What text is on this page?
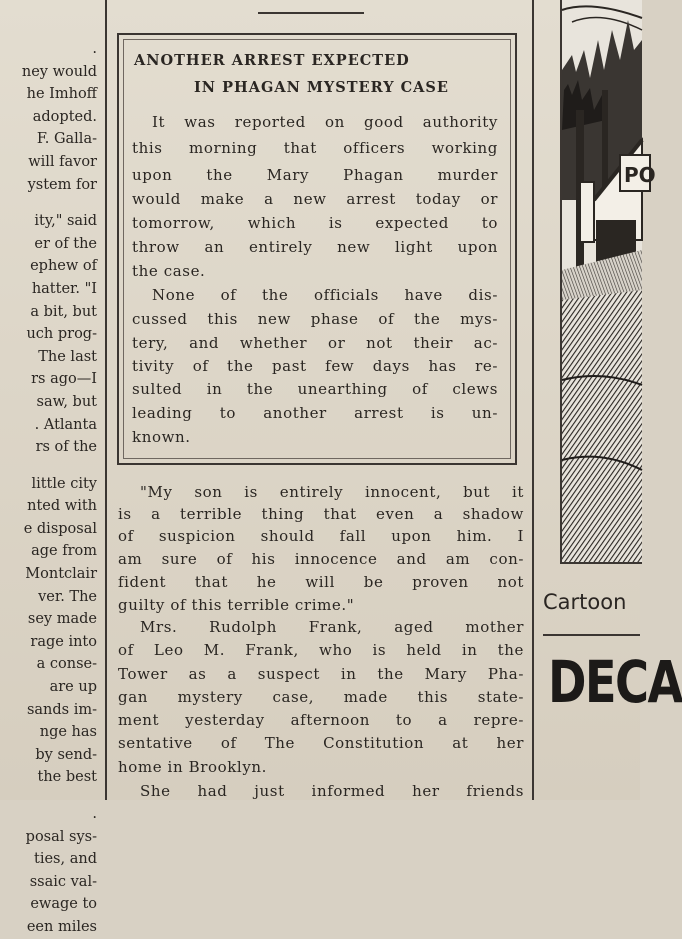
.
ney would
he Imhoff
adopted.
F. Galla-
will favor
ystem for
ity," said
er of the
ephew of
hatter. "I
a bit, but
uch prog-
The last
rs ago—I
saw, but
. Atlanta
rs of the
little city
nted with
e disposal
age from
Montclair
ver. The
sey made
rage into
a conse-
are up
sands im-
nge has
by send-
the best
.
posal sys-
ties, and
ssaic val-
ewage to
een miles
ANOTHER ARREST EXPECTED
IN PHAGAN MYSTERY CASE
It was reported on good authority
this morning that officers working
upon the Mary Phagan murder
would make a new arrest today or
tomorrow, which is expected to
throw an entirely new light upon
the case.
None of the officials have dis-
cussed this new phase of the mys-
tery, and whether or not their ac-
tivity of the past few days has re-
sulted in the unearthing of clews
leading to another arrest is un-
known.
"My son is entirely innocent, but it
is a terrible thing that even a shadow
of suspicion should fall upon him. I
am sure of his innocence and am con-
fident that he will be proven not
guilty of this terrible crime."
Mrs. Rudolph Frank, aged mother
of Leo M. Frank, who is held in the
Tower as a suspect in the Mary Pha-
gan mystery case, made this state-
ment yesterday afternoon to a repre-
sentative of The Constitution at her
home in Brooklyn.
She had just informed her friends
PO
Cartoon
DECA
